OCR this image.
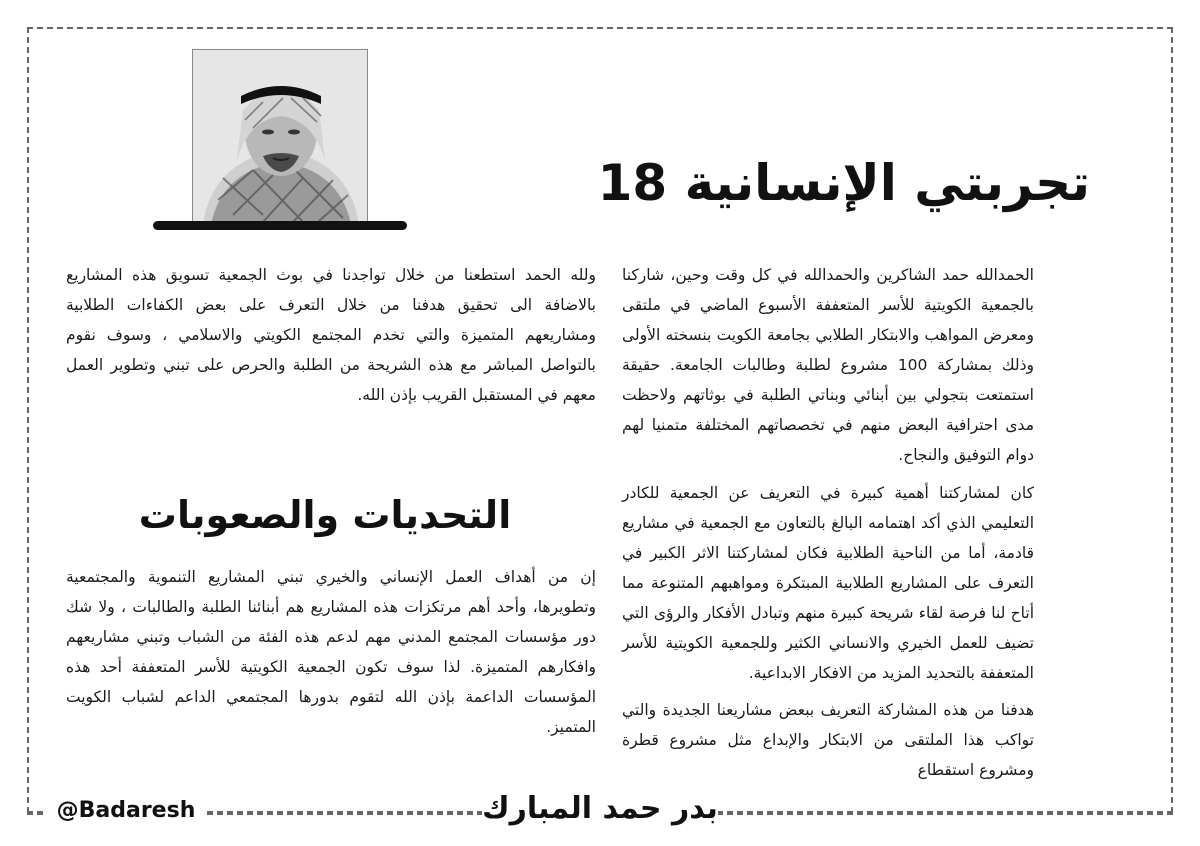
تجربتي الإنسانية 18

الحمدالله حمد الشاكرين والحمدالله في كل وقت وحين، شاركنا بالجمعية الكويتية للأسر المتعففة الأسبوع الماضي في ملتقى ومعرض المواهب والابتكار الطلابي بجامعة الكويت بنسخته الأولى وذلك بمشاركة 100 مشروع لطلبة وطالبات الجامعة. حقيقة استمتعت بتجولي بين أبنائي وبناتي الطلبة في بوثاتهم ولاحظت مدى احترافية البعض منهم في تخصصاتهم المختلفة متمنيا لهم دوام التوفيق والنجاح.

كان لمشاركتنا أهمية كبيرة في التعريف عن الجمعية للكادر التعليمي الذي أكد اهتمامه البالغ بالتعاون مع الجمعية في مشاريع قادمة، أما من الناحية الطلابية فكان لمشاركتنا الاثر الكبير في التعرف على المشاريع الطلابية المبتكرة ومواهبهم المتنوعة مما أتاح لنا فرصة لقاء شريحة كبيرة منهم وتبادل الأفكار والرؤى التي تضيف للعمل الخيري والانساني الكثير وللجمعية الكويتية للأسر المتعففة بالتحديد المزيد من الافكار الابداعية.

هدفنا من هذه المشاركة التعريف ببعض مشاريعنا الجديدة والتي تواكب هذا الملتقى من الابتكار والإبداع مثل مشروع قطرة ومشروع استقطاع

ولله الحمد استطعنا من خلال تواجدنا في بوث الجمعية تسويق هذه المشاريع بالاضافة الى تحقيق هدفنا من خلال التعرف على بعض الكفاءات الطلابية ومشاريعهم المتميزة والتي تخدم المجتمع الكويتي والاسلامي ، وسوف نقوم بالتواصل المباشر مع هذه الشريحة من الطلبة والحرص على تبني وتطوير العمل معهم في المستقبل القريب بإذن الله.

التحديات والصعوبات

إن من أهداف العمل الإنساني والخيري تبني المشاريع التنموية والمجتمعية وتطويرها، وأحد أهم مرتكزات هذه المشاريع هم أبنائنا الطلبة والطالبات ، ولا شك دور مؤسسات المجتمع المدني مهم لدعم هذه الفئة من الشباب وتبني مشاريعهم وافكارهم المتميزة. لذا سوف تكون الجمعية الكويتية للأسر المتعففة أحد هذه المؤسسات الداعمة بإذن الله لتقوم بدورها المجتمعي الداعم لشباب الكويت المتميز.

@Badaresh	بدر حمد المبارك
